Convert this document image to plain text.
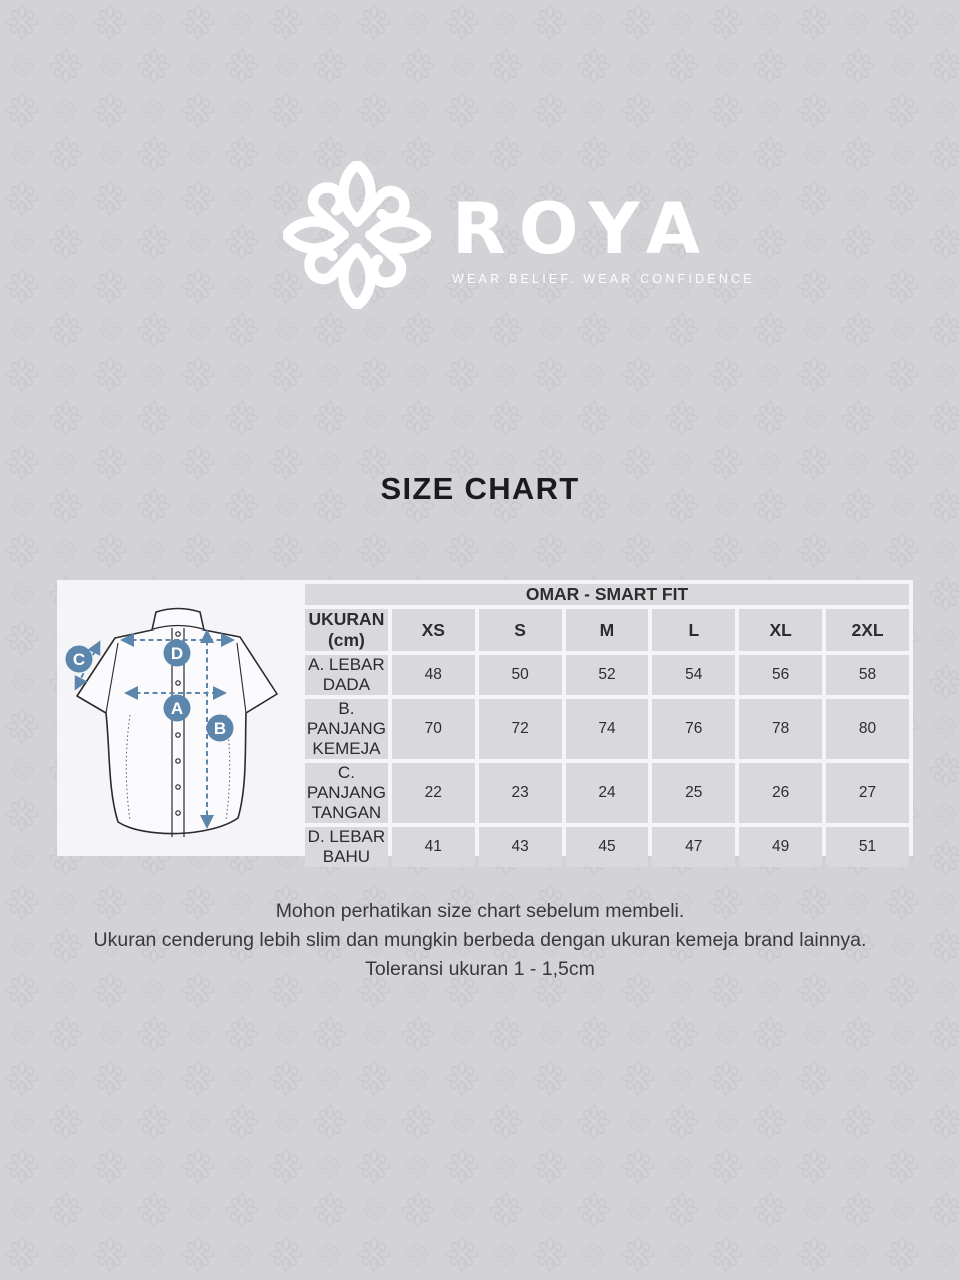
ROYA
WEAR BELIEF. WEAR CONFIDENCE
SIZE CHART
C	D
A
B
OMAR - SMART FIT						
UKURAN (cm)	XS	S	M	L	XL	2XL
A. LEBAR DADA	48	50	52	54	56	58
B. PANJANG KEMEJA	70	72	74	76	78	80
C. PANJANG TANGAN	22	23	24	25	26	27
D. LEBAR BAHU	41	43	45	47	49	51
Mohon perhatikan size chart sebelum membeli.
Ukuran cenderung lebih slim dan mungkin berbeda dengan ukuran kemeja brand lainnya.
Toleransi ukuran 1 - 1,5cm
